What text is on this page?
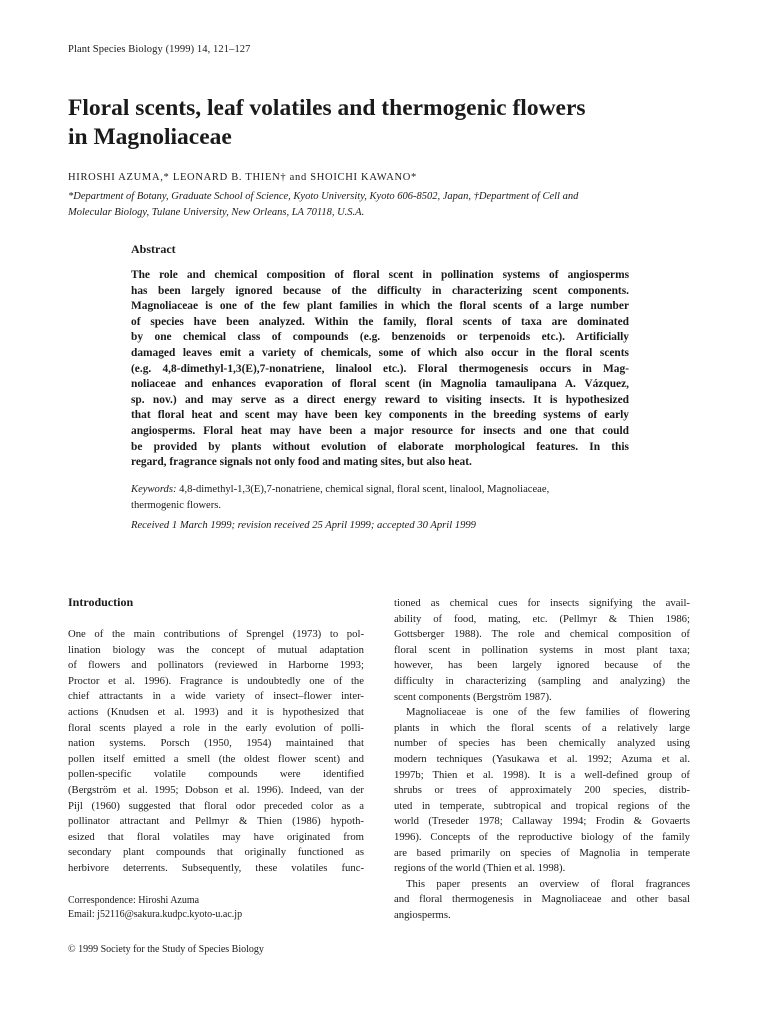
Plant Species Biology (1999) 14, 121–127
Floral scents, leaf volatiles and thermogenic flowers
in Magnoliaceae
HIROSHI AZUMA,* LEONARD B. THIEN† and SHOICHI KAWANO*
*Department of Botany, Graduate School of Science, Kyoto University, Kyoto 606-8502, Japan, †Department of Cell and
Molecular Biology, Tulane University, New Orleans, LA 70118, U.S.A.
Abstract
The role and chemical composition of floral scent in pollination systems of angiosperms
has been largely ignored because of the difficulty in characterizing scent components.
Magnoliaceae is one of the few plant families in which the floral scents of a large number
of species have been analyzed. Within the family, floral scents of taxa are dominated
by one chemical class of compounds (e.g. benzenoids or terpenoids etc.). Artificially
damaged leaves emit a variety of chemicals, some of which also occur in the floral scents
(e.g. 4,8-dimethyl-1,3(E),7-nonatriene, linalool etc.). Floral thermogenesis occurs in Mag-
noliaceae and enhances evaporation of floral scent (in Magnolia tamaulipana A. Vázquez,
sp. nov.) and may serve as a direct energy reward to visiting insects. It is hypothesized
that floral heat and scent may have been key components in the breeding systems of early
angiosperms. Floral heat may have been a major resource for insects and one that could
be provided by plants without evolution of elaborate morphological features. In this
regard, fragrance signals not only food and mating sites, but also heat.
Keywords: 4,8-dimethyl-1,3(E),7-nonatriene, chemical signal, floral scent, linalool, Magnoliaceae,
thermogenic flowers.
Received 1 March 1999; revision received 25 April 1999; accepted 30 April 1999
Introduction
One of the main contributions of Sprengel (1973) to pol-
lination biology was the concept of mutual adaptation
of flowers and pollinators (reviewed in Harborne 1993;
Proctor et al. 1996). Fragrance is undoubtedly one of the
chief attractants in a wide variety of insect–flower inter-
actions (Knudsen et al. 1993) and it is hypothesized that
floral scents played a role in the early evolution of polli-
nation systems. Porsch (1950, 1954) maintained that
pollen itself emitted a smell (the oldest flower scent) and
pollen-specific volatile compounds were identified
(Bergström et al. 1995; Dobson et al. 1996). Indeed, van der
Pijl (1960) suggested that floral odor preceded color as a
pollinator attractant and Pellmyr & Thien (1986) hypoth-
esized that floral volatiles may have originated from
secondary plant compounds that originally functioned as
herbivore deterrents. Subsequently, these volatiles func-
tioned as chemical cues for insects signifying the avail-
ability of food, mating, etc. (Pellmyr & Thien 1986;
Gottsberger 1988). The role and chemical composition of
floral scent in pollination systems in most plant taxa;
however, has been largely ignored because of the
difficulty in characterizing (sampling and analyzing) the
scent components (Bergström 1987).
Magnoliaceae is one of the few families of flowering
plants in which the floral scents of a relatively large
number of species has been chemically analyzed using
modern techniques (Yasukawa et al. 1992; Azuma et al.
1997b; Thien et al. 1998). It is a well-defined group of
shrubs or trees of approximately 200 species, distrib-
uted in temperate, subtropical and tropical regions of the
world (Treseder 1978; Callaway 1994; Frodin & Govaerts
1996). Concepts of the reproductive biology of the family
are based primarily on species of Magnolia in temperate
regions of the world (Thien et al. 1998).
This paper presents an overview of floral fragrances
and floral thermogenesis in Magnoliaceae and other basal
angiosperms.
Correspondence: Hiroshi Azuma
Email: j52116@sakura.kudpc.kyoto-u.ac.jp
© 1999 Society for the Study of Species Biology
